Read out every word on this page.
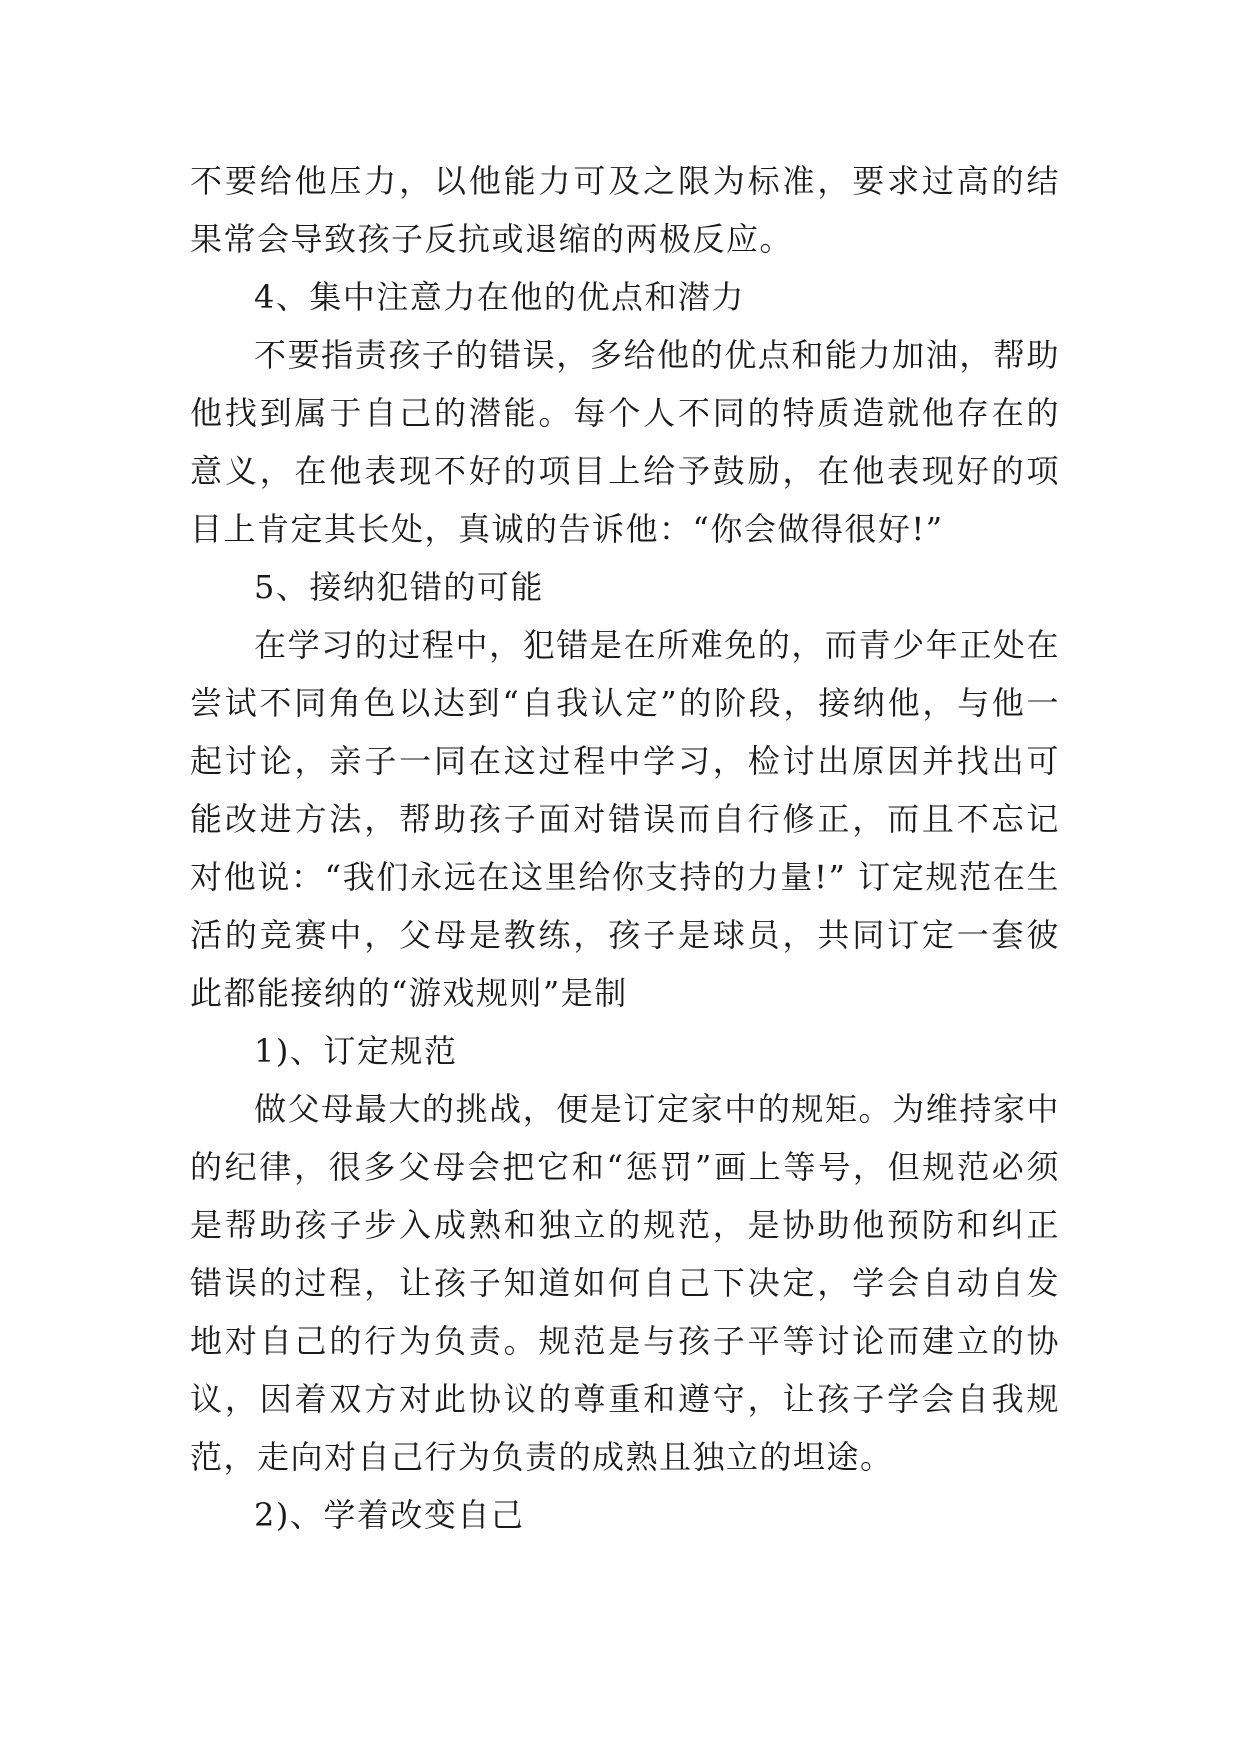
不要给他压力，以他能力可及之限为标准，要求过高的结果常会导致孩子反抗或退缩的两极反应。

4、集中注意力在他的优点和潜力

不要指责孩子的错误，多给他的优点和能力加油，帮助他找到属于自己的潜能。每个人不同的特质造就他存在的意义，在他表现不好的项目上给予鼓励，在他表现好的项目上肯定其长处，真诚的告诉他：“你会做得很好!”

5、接纳犯错的可能

在学习的过程中，犯错是在所难免的，而青少年正处在尝试不同角色以达到“自我认定”的阶段，接纳他，与他一起讨论，亲子一同在这过程中学习，检讨出原因并找出可能改进方法，帮助孩子面对错误而自行修正，而且不忘记对他说：“我们永远在这里给你支持的力量!” 订定规范在生活的竞赛中，父母是教练，孩子是球员，共同订定一套彼此都能接纳的“游戏规则”是制

1)、订定规范

做父母最大的挑战，便是订定家中的规矩。为维持家中的纪律，很多父母会把它和“惩罚”画上等号，但规范必须是帮助孩子步入成熟和独立的规范，是协助他预防和纠正错误的过程，让孩子知道如何自己下决定，学会自动自发地对自己的行为负责。规范是与孩子平等讨论而建立的协议，因着双方对此协议的尊重和遵守，让孩子学会自我规范，走向对自己行为负责的成熟且独立的坦途。

2)、学着改变自己
